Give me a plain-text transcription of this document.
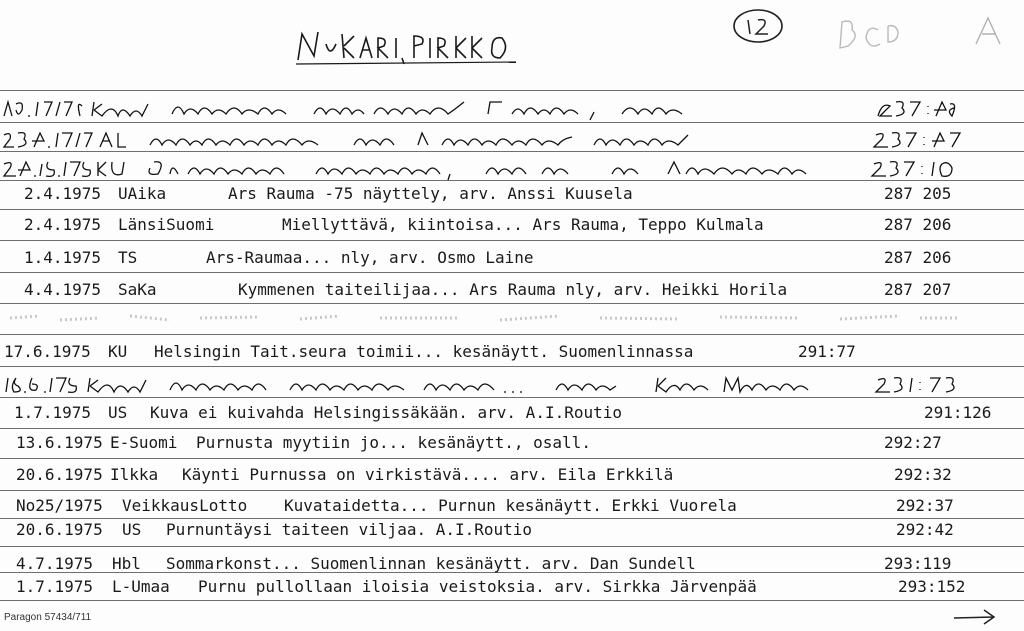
2.4.1975 UAika	Ars Rauma -75 näyttely, arv. Anssi Kuusela	287 205
2.4.1975 LänsiSuomi	Miellyttävä, kiintoisa... Ars Rauma, Teppo Kulmala	287 206
1.4.1975 TS	Ars-Raumaa... nly, arv. Osmo Laine	287 206
4.4.1975 SaKa	Kymmenen taiteilijaa... Ars Rauma nly, arv. Heikki Horila	287 207
17.6.1975 KU Helsingin Tait.seura toimii... kesänäytt. Suomenlinnassa	291:77
1.7.1975 US Kuva ei kuivahda Helsingissäkään. arv. A.I.Routio	291:126
13.6.1975 E-Suomi Purnusta myytiin jo... kesänäytt., osall.	292:27
20.6.1975 Ilkka Käynti Purnussa on virkistävä.... arv. Eila Erkkilä	292:32
No25/1975 VeikkausLotto Kuvataidetta... Purnun kesänäytt. Erkki Vuorela	292:37
20.6.1975 US Purnuntäysi taiteen viljaa. A.I.Routio	292:42
4.7.1975 Hbl Sommarkonst... Suomenlinnan kesänäytt. arv. Dan Sundell	293:119
1.7.1975 L-Umaa Purnu pullollaan iloisia veistoksia. arv. Sirkka Järvenpää	293:152
Paragon 57434/711
